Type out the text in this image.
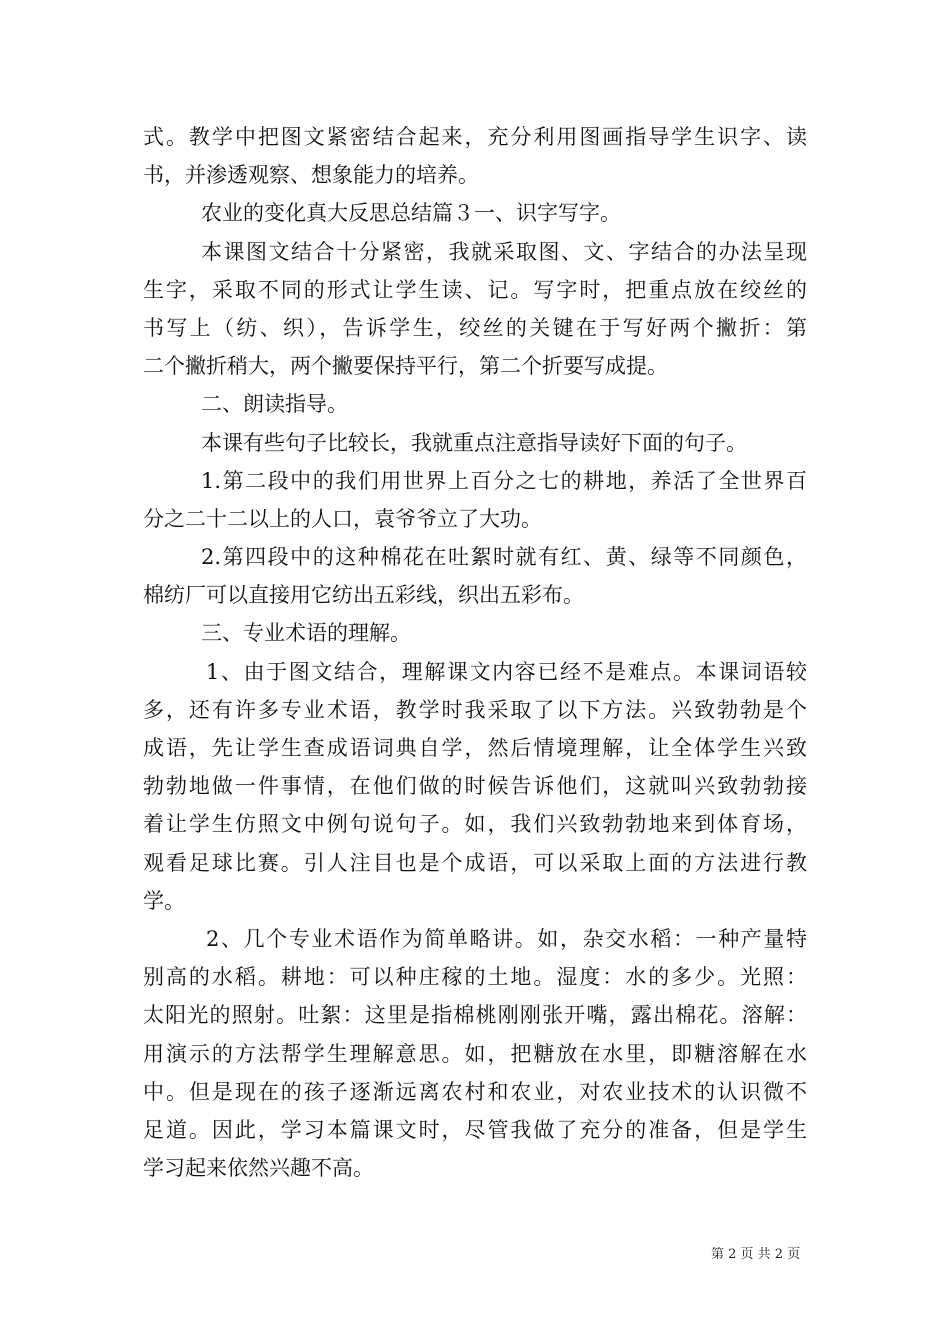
式。教学中把图文紧密结合起来，充分利用图画指导学生识字、读
书，并渗透观察、想象能力的培养。
农业的变化真大反思总结篇３一、识字写字。
本课图文结合十分紧密，我就采取图、文、字结合的办法呈现
生字，采取不同的形式让学生读、记。写字时，把重点放在绞丝的
书写上（纺、织），告诉学生，绞丝的关键在于写好两个撇折：第
二个撇折稍大，两个撇要保持平行，第二个折要写成提。
二、朗读指导。
本课有些句子比较长，我就重点注意指导读好下面的句子。
1.第二段中的我们用世界上百分之七的耕地，养活了全世界百
分之二十二以上的人口，袁爷爷立了大功。
2.第四段中的这种棉花在吐絮时就有红、黄、绿等不同颜色，
棉纺厂可以直接用它纺出五彩线，织出五彩布。
三、专业术语的理解。
1、由于图文结合，理解课文内容已经不是难点。本课词语较
多，还有许多专业术语，教学时我采取了以下方法。兴致勃勃是个
成语，先让学生查成语词典自学，然后情境理解，让全体学生兴致
勃勃地做一件事情，在他们做的时候告诉他们，这就叫兴致勃勃接
着让学生仿照文中例句说句子。如，我们兴致勃勃地来到体育场，
观看足球比赛。引人注目也是个成语，可以采取上面的方法进行教
学。
2、几个专业术语作为简单略讲。如，杂交水稻：一种产量特
别高的水稻。耕地：可以种庄稼的土地。湿度：水的多少。光照：
太阳光的照射。吐絮：这里是指棉桃刚刚张开嘴，露出棉花。溶解：
用演示的方法帮学生理解意思。如，把糖放在水里，即糖溶解在水
中。但是现在的孩子逐渐远离农村和农业，对农业技术的认识微不
足道。因此，学习本篇课文时，尽管我做了充分的准备，但是学生
学习起来依然兴趣不高。
第 2 页 共 2 页
